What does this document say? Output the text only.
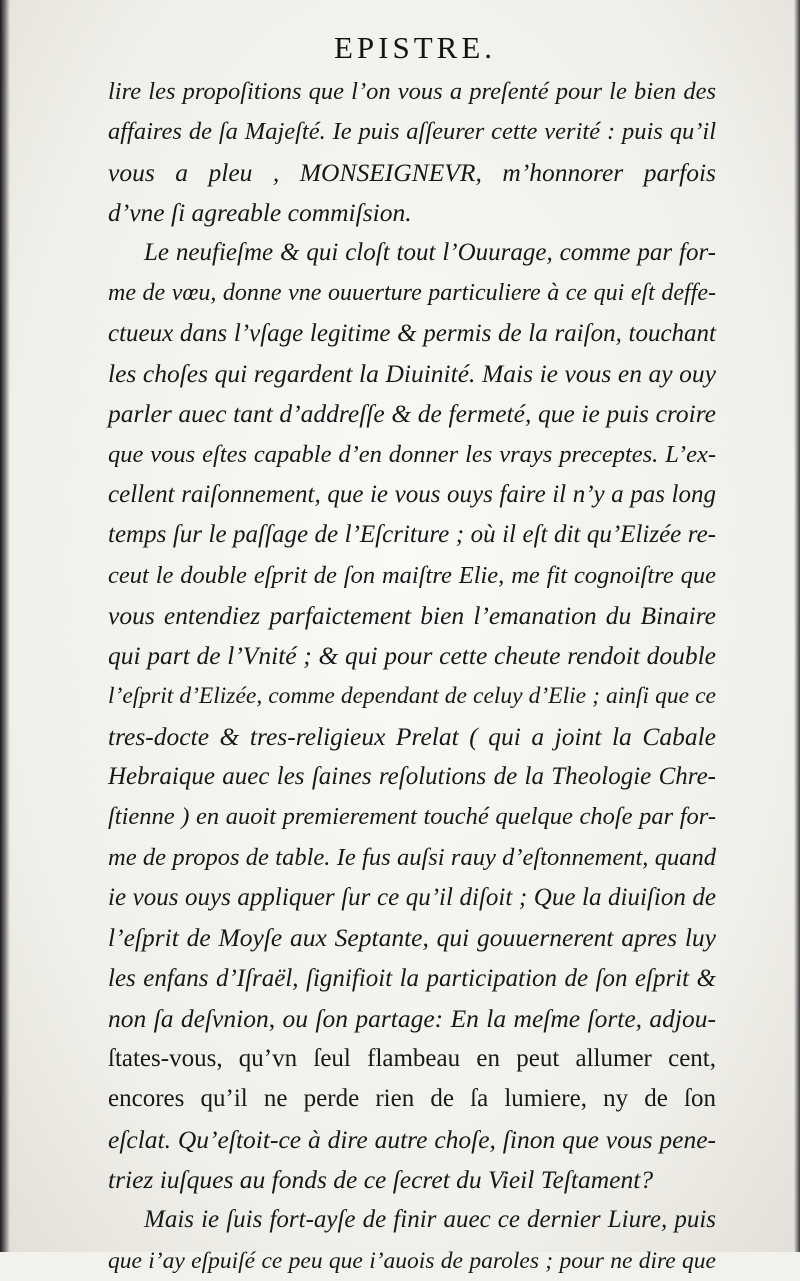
EPISTRE.
lire les propoſitions que l’on vous a preſenté pour le bien des
affaires de ſa Majeſté. Ie puis aſſeurer cette verité : puis qu’il
vous a pleu , MONSEIGNEVR, m’honnorer parfois
d’vne ſi agreable commiſsion.
Le neufieſme & qui cloſt tout l’Ouurage, comme par for-
me de vœu, donne vne ouuerture particuliere à ce qui eſt deffe-
ctueux dans l’vſage legitime & permis de la raiſon, touchant
les choſes qui regardent la Diuinité. Mais ie vous en ay ouy
parler auec tant d’addreſſe & de fermeté, que ie puis croire
que vous eſtes capable d’en donner les vrays preceptes. L’ex-
cellent raiſonnement, que ie vous ouys faire il n’y a pas long
temps ſur le paſſage de l’Eſcriture ; où il eſt dit qu’Elizée re-
ceut le double eſprit de ſon maiſtre Elie, me fit cognoiſtre que
vous entendiez parfaictement bien l’emanation du Binaire
qui part de l’Vnité ; & qui pour cette cheute rendoit double
l’eſprit d’Elizée, comme dependant de celuy d’Elie ; ainſi que ce
tres-docte & tres-religieux Prelat ( qui a joint la Cabale
Hebraique auec les ſaines reſolutions de la Theologie Chre-
ſtienne ) en auoit premierement touché quelque choſe par for-
me de propos de table. Ie fus auſsi rauy d’eſtonnement, quand
ie vous ouys appliquer ſur ce qu’il diſoit ; Que la diuiſion de
l’eſprit de Moyſe aux Septante, qui gouuernerent apres luy
les enfans d’Iſraël, ſignifioit la participation de ſon eſprit &
non ſa deſvnion, ou ſon partage: En la meſme ſorte, adjou-
ſtates-vous, qu’vn ſeul flambeau en peut allumer cent,
encores qu’il ne perde rien de ſa lumiere, ny de ſon
eſclat. Qu’eſtoit-ce à dire autre choſe, ſinon que vous pene-
triez iuſques au fonds de ce ſecret du Vieil Teſtament?
Mais ie ſuis fort-ayſe de finir auec ce dernier Liure, puis
que i’ay eſpuiſé ce peu que i’auois de paroles ; pour ne dire que
